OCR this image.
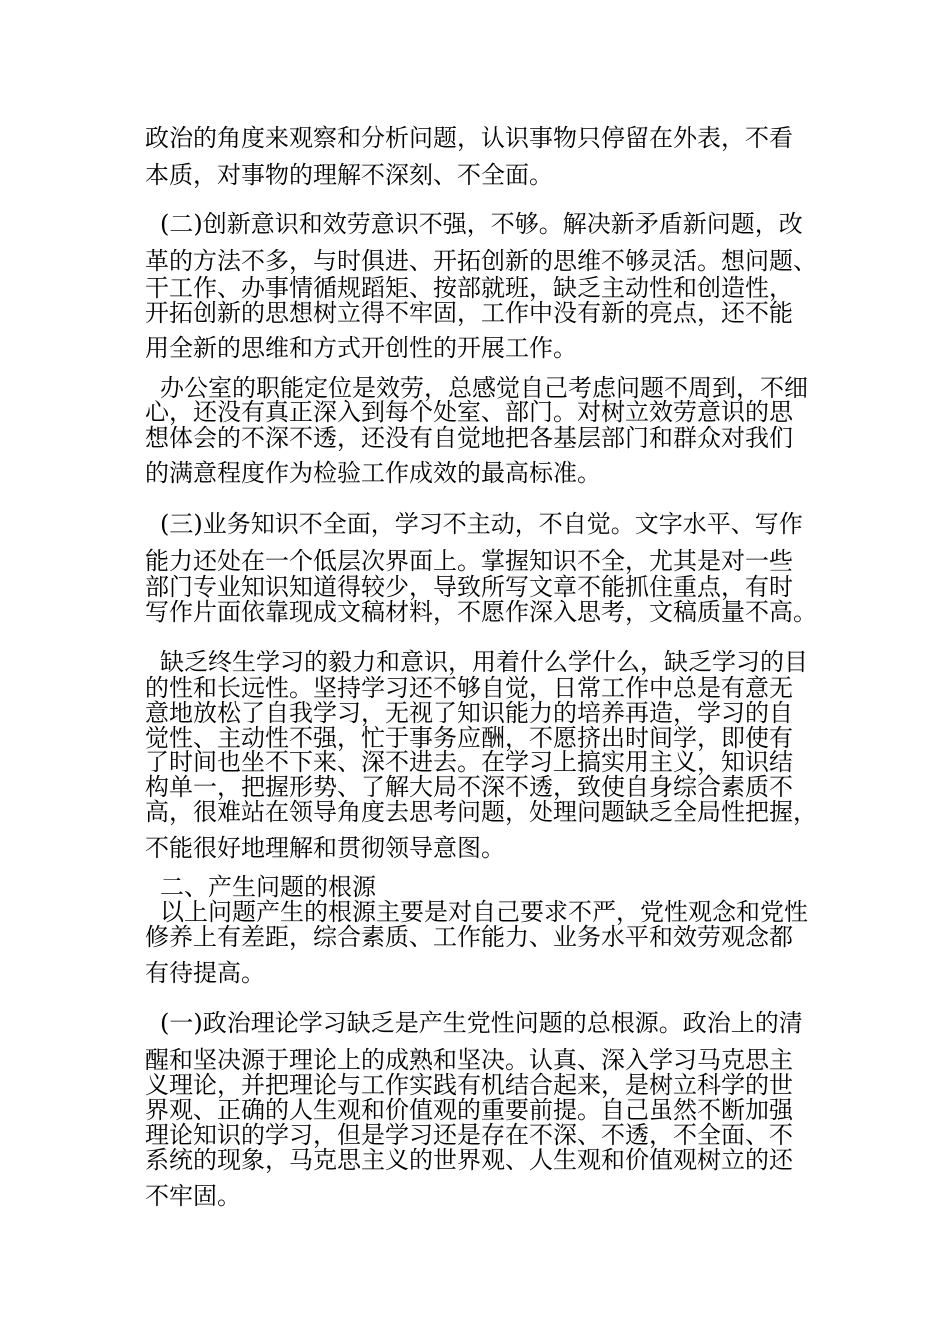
政治的角度来观察和分析问题，认识事物只停留在外表，不看

本质，对事物的理解不深刻、不全面。

(二)创新意识和效劳意识不强，不够。解决新矛盾新问题，改

革的方法不多，与时俱进、开拓创新的思维不够灵活。想问题、

干工作、办事情循规蹈矩、按部就班，缺乏主动性和创造性，

开拓创新的思想树立得不牢固，工作中没有新的亮点，还不能

用全新的思维和方式开创性的开展工作。

办公室的职能定位是效劳，总感觉自己考虑问题不周到，不细

心，还没有真正深入到每个处室、部门。对树立效劳意识的思

想体会的不深不透，还没有自觉地把各基层部门和群众对我们

的满意程度作为检验工作成效的最高标准。

(三)业务知识不全面，学习不主动，不自觉。文字水平、写作

能力还处在一个低层次界面上。掌握知识不全，尤其是对一些

部门专业知识知道得较少，导致所写文章不能抓住重点，有时

写作片面依靠现成文稿材料，不愿作深入思考，文稿质量不高。

缺乏终生学习的毅力和意识，用着什么学什么，缺乏学习的目

的性和长远性。坚持学习还不够自觉，日常工作中总是有意无

意地放松了自我学习，无视了知识能力的培养再造，学习的自

觉性、主动性不强，忙于事务应酬，不愿挤出时间学，即使有

了时间也坐不下来、深不进去。在学习上搞实用主义，知识结

构单一，把握形势、了解大局不深不透，致使自身综合素质不

高，很难站在领导角度去思考问题，处理问题缺乏全局性把握，

不能很好地理解和贯彻领导意图。

二、产生问题的根源

以上问题产生的根源主要是对自己要求不严，党性观念和党性

修养上有差距，综合素质、工作能力、业务水平和效劳观念都

有待提高。

(一)政治理论学习缺乏是产生党性问题的总根源。政治上的清

醒和坚决源于理论上的成熟和坚决。认真、深入学习马克思主

义理论，并把理论与工作实践有机结合起来，是树立科学的世

界观、正确的人生观和价值观的重要前提。自己虽然不断加强

理论知识的学习，但是学习还是存在不深、不透，不全面、不

系统的现象，马克思主义的世界观、人生观和价值观树立的还

不牢固。
